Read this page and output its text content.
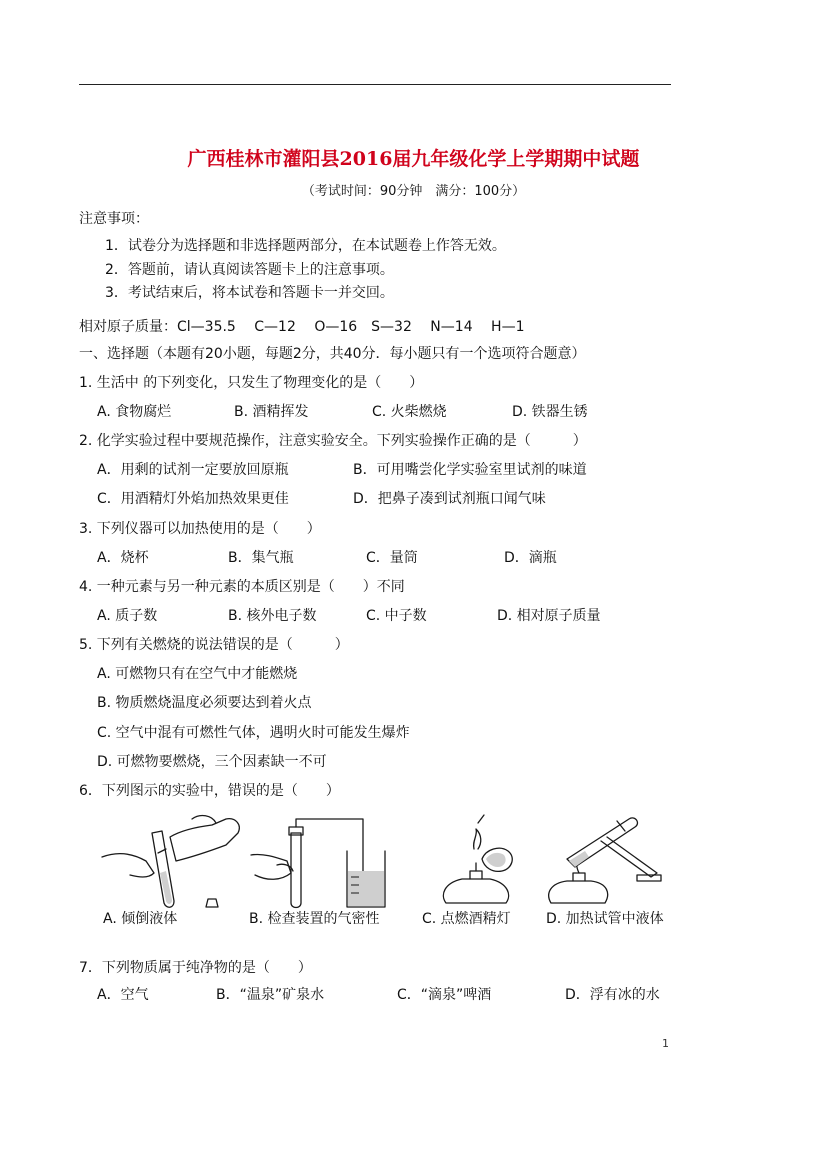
广西桂林市灌阳县2016届九年级化学上学期期中试题
（考试时间：90分钟　满分：100分）
注意事项：
1．试卷分为选择题和非选择题两部分，在本试题卷上作答无效。
2．答题前，请认真阅读答题卡上的注意事项。
3．考试结束后，将本试卷和答题卡一并交回。
相对原子质量：Cl—35.5　 C—12　 O—16　S—32　 N—14　 H—1
一、选择题（本题有20小题，每题2分，共40分．每小题只有一个选项符合题意）
1. 生活中 的下列变化，只发生了物理变化的是（　　）
A. 食物腐烂	B. 酒精挥发	C. 火柴燃烧	D. 铁器生锈
2. 化学实验过程中要规范操作，注意实验安全。下列实验操作正确的是（　　　）
A．用剩的试剂一定要放回原瓶	B．可用嘴尝化学实验室里试剂的味道
C．用酒精灯外焰加热效果更佳	D．把鼻子凑到试剂瓶口闻气味
3. 下列仪器可以加热使用的是（　　）
A．烧杯	B．集气瓶	C．量筒	D．滴瓶
4. 一种元素与另一种元素的本质区别是（　　）不同
A. 质子数	B. 核外电子数	C. 中子数	D. 相对原子质量
5. 下列有关燃烧的说法错误的是（　　　）
A. 可燃物只有在空气中才能燃烧
B. 物质燃烧温度必须要达到着火点
C. 空气中混有可燃性气体，遇明火时可能发生爆炸
D. 可燃物要燃烧，三个因素缺一不可
6．下列图示的实验中，错误的是（　　）
A. 倾倒液体	B. 检查装置的气密性	C. 点燃酒精灯	D. 加热试管中液体
7．下列物质属于纯净物的是（　　）
A．空气	B．“温泉”矿泉水	C．“滴泉”啤酒	D．浮有冰的水
1
